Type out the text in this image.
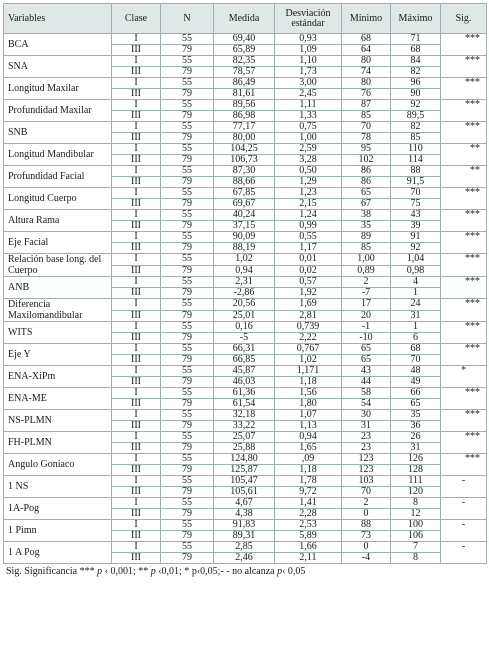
Variables	Clase	N	Medida	Desviación estándar	Mínimo	Máximo	Sig.
BCA	I	55	69,40	0,93	68	71	***
	III	79	65,89	1,09	64	68	
SNA	I	55	82,35	1,10	80	84	***
	III	79	78,57	1,73	74	82	
Longitud Maxilar	I	55	86,49	3,00	80	96	***
	III	79	81,61	2,45	76	90	
Profundidad Maxilar	I	55	89,56	1,11	87	92	***
	III	79	86,98	1,33	85	89,5	
SNB	I	55	77,17	0,75	70	82	***
	III	79	80,00	1,00	78	85	
Longitud Mandibular	I	55	104,25	2,59	95	110	**
	III	79	106,73	3,28	102	114	
Profundidad Facial	I	55	87,30	0,50	86	88	**
	III	79	88,66	1,29	86	91,5	
Longitud Cuerpo	I	55	67,85	1,23	65	70	***
	III	79	69,67	2,15	67	75	
Altura Rama	I	55	40,24	1,24	38	43	***
	III	79	37,15	0,99	35	39	
Eje Facial	I	55	90,09	0,55	89	91	***
	III	79	88,19	1,17	85	92	
Relación base long. del Cuerpo	I	55	1,02	0,01	1,00	1,04	***
	III	79	0,94	0,02	0,89	0,98	
ANB	I	55	2,31	0,57	2	4	***
	III	79	-2,86	1,92	-7	1	
Diferencia Maxilomandibular	I	55	20,56	1,69	17	24	***
	III	79	25,01	2,81	20	31	
WITS	I	55	0,16	0,739	-1	1	***
	III	79	-5	2,22	-10	6	
Eje Y	I	55	66,31	0,767	65	68	***
	III	79	66,85	1,02	65	70	
ENA-XiPm	I	55	45,87	1,171	43	48	*
	III	79	46,03	1,18	44	49	
ENA-ME	I	55	61,36	1,56	58	66	***
	III	79	61,54	1,80	54	65	
NS-PLMN	I	55	32,18	1,07	30	35	***
	III	79	33,22	1,13	31	36	
FH-PLMN	I	55	25,07	0,94	23	26	***
	III	79	25,88	1,65	23	31	
Angulo Goniaco	I	55	124,80	,09	123	126	***
	III	79	125,87	1,18	123	128	
1 NS	I	55	105,47	1,78	103	111	-
	III	79	105,61	9,72	70	120	
1A-Pog	I	55	4,67	1,41	2	8	-
	III	79	4,38	2,28	0	12	
1 Pimn	I	55	91,83	2,53	88	100	-
	III	79	89,31	5,89	73	106	
1 A Pog	I	55	2,85	1,66	0	7	-
	III	79	2,46	2,11	-4	8	
Sig. Significancia *** p ‹ 0,001; ** p ‹0,01; * p‹0,05;- - no alcanza p‹ 0,05
